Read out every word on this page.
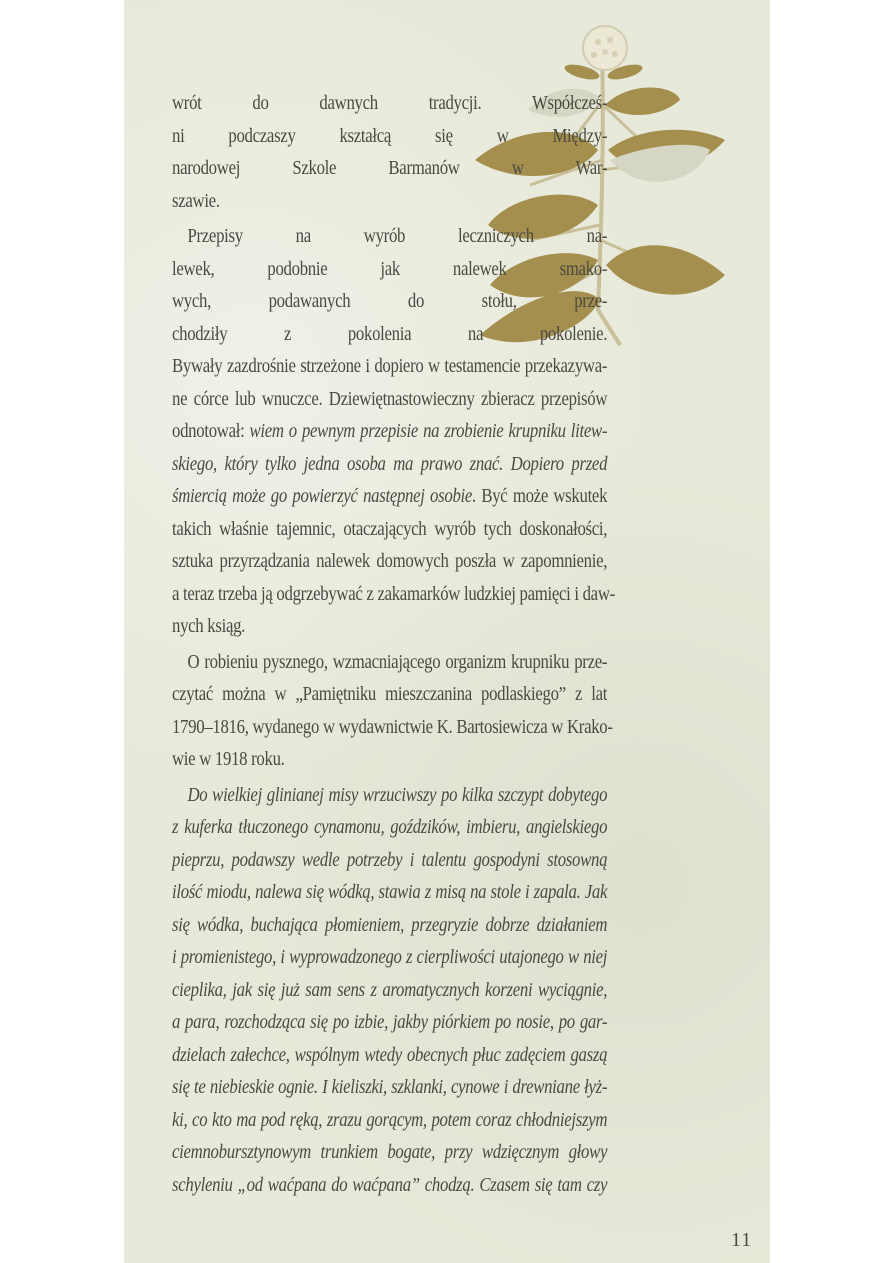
wrót do dawnych tradycji. Współcześ-
ni podczaszy kształcą się w Między-
narodowej Szkole Barmanów w War-
szawie.
Przepisy na wyrób leczniczych na-
lewek, podobnie jak nalewek smako-
wych, podawanych do stołu, prze-
chodziły z pokolenia na pokolenie.
Bywały zazdrośnie strzeżone i dopiero w testamencie przekazywa-
ne córce lub wnuczce. Dziewiętnastowieczny zbieracz przepisów
odnotował: wiem o pewnym przepisie na zrobienie krupniku litew-
skiego, który tylko jedna osoba ma prawo znać. Dopiero przed
śmiercią może go powierzyć następnej osobie. Być może wskutek
takich właśnie tajemnic, otaczających wyrób tych doskonałości,
sztuka przyrządzania nalewek domowych poszła w zapomnienie,
a teraz trzeba ją odgrzebywać z zakamarków ludzkiej pamięci i daw-
nych ksiąg.
O robieniu pysznego, wzmacniającego organizm krupniku prze-
czytać można w „Pamiętniku mieszczanina podlaskiego” z lat
1790–1816, wydanego w wydawnictwie K. Bartosiewicza w Krako-
wie w 1918 roku.
Do wielkiej glinianej misy wrzuciwszy po kilka szczypt dobytego
z kuferka tłuczonego cynamonu, goździków, imbieru, angielskiego
pieprzu, podawszy wedle potrzeby i talentu gospodyni stosowną
ilość miodu, nalewa się wódką, stawia z misą na stole i zapala. Jak
się wódka, buchająca płomieniem, przegryzie dobrze działaniem
i promienistego, i wyprowadzonego z cierpliwości utajonego w niej
cieplika, jak się już sam sens z aromatycznych korzeni wyciągnie,
a para, rozchodząca się po izbie, jakby piórkiem po nosie, po gar-
dzielach załechce, wspólnym wtedy obecnych płuc zadęciem gaszą
się te niebieskie ognie. I kieliszki, szklanki, cynowe i drewniane łyż-
ki, co kto ma pod ręką, zrazu gorącym, potem coraz chłodniejszym
ciemnobursztynowym trunkiem bogate, przy wdzięcznym głowy
schyleniu „od waćpana do waćpana” chodzą. Czasem się tam czy
11
